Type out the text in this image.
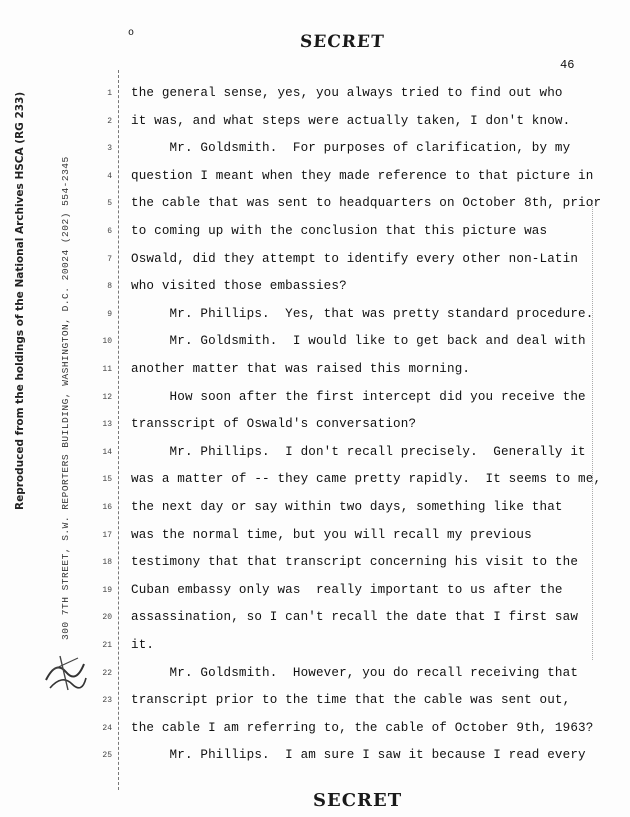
o	SECRET
46
Reproduced from the holdings of the National Archives HSCA (RG 233)	300 7TH STREET, S.W. REPORTERS BUILDING, WASHINGTON, D.C. 20024 (202) 554-2345
1
2
3
4
5
6
7
8
9
10
11
12
13
14
15
16
17
18
19
20
21
22
23
24
25
the general sense, yes, you always tried to find out who
it was, and what steps were actually taken, I don't know.
Mr. Goldsmith.  For purposes of clarification, by my
question I meant when they made reference to that picture in
the cable that was sent to headquarters on October 8th, prior
to coming up with the conclusion that this picture was
Oswald, did they attempt to identify every other non-Latin
who visited those embassies?
Mr. Phillips.  Yes, that was pretty standard procedure.
Mr. Goldsmith.  I would like to get back and deal with
another matter that was raised this morning.
How soon after the first intercept did you receive the
transscript of Oswald's conversation?
Mr. Phillips.  I don't recall precisely.  Generally it
was a matter of -- they came pretty rapidly.  It seems to me,
the next day or say within two days, something like that
was the normal time, but you will recall my previous
testimony that that transcript concerning his visit to the
Cuban embassy only was  really important to us after the
assassination, so I can't recall the date that I first saw
it.
Mr. Goldsmith.  However, you do recall receiving that
transcript prior to the time that the cable was sent out,
the cable I am referring to, the cable of October 9th, 1963?
Mr. Phillips.  I am sure I saw it because I read every
SECRET
